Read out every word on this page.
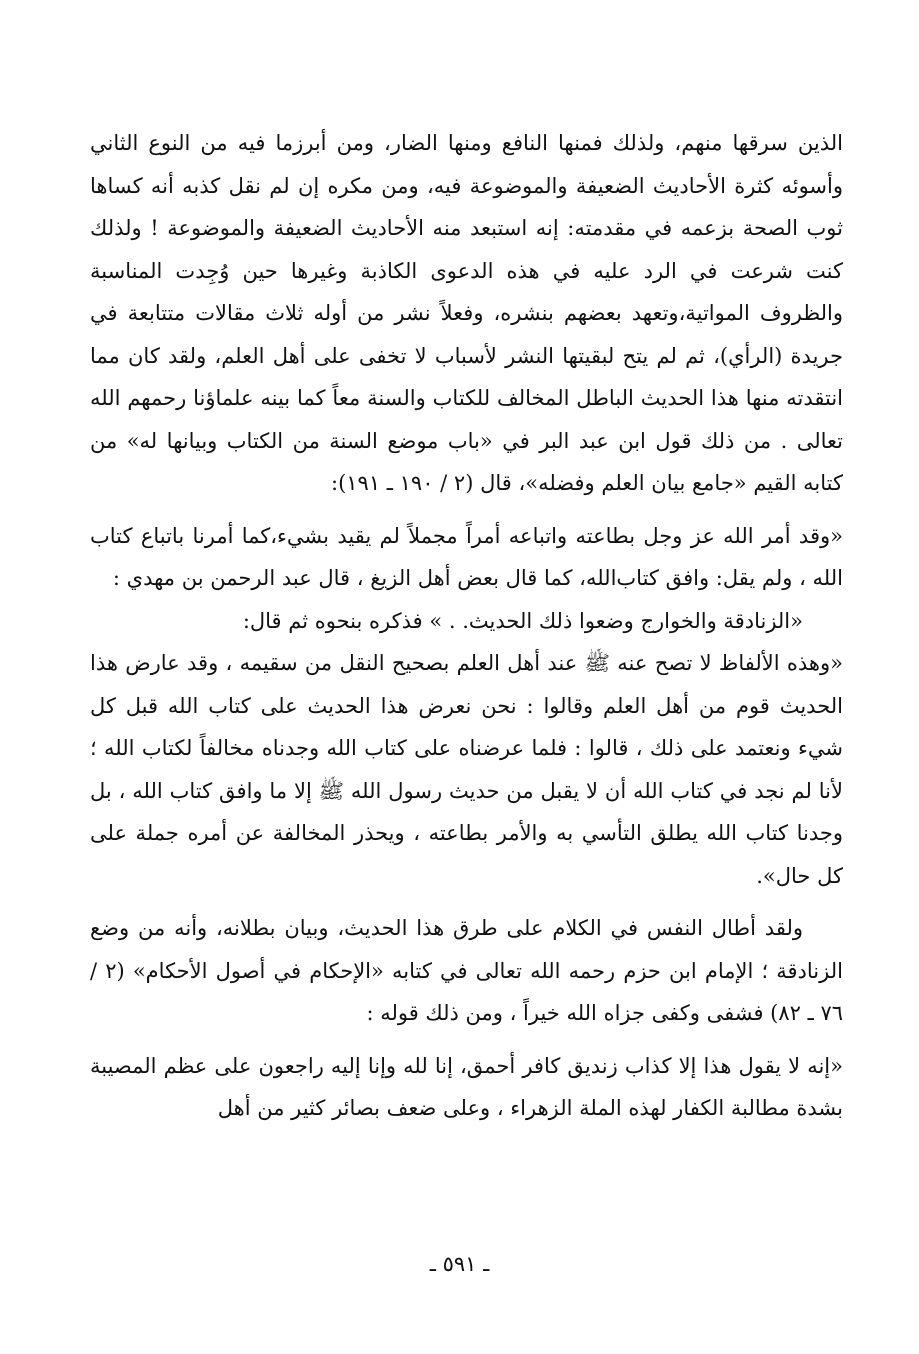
الذين سرقها منهم، ولذلك فمنها النافع ومنها الضار، ومن أبرزما فيه من النوع الثاني وأسوئه كثرة الأحاديث الضعيفة والموضوعة فيه، ومن مكره إن لم نقل كذبه أنه كساها ثوب الصحة بزعمه في مقدمته: إنه استبعد منه الأحاديث الضعيفة والموضوعة ! ولذلك كنت شرعت في الرد عليه في هذه الدعوى الكاذبة وغيرها حين وُجِدت المناسبة والظروف المواتية،وتعهد بعضهم بنشره، وفعلاً نشر من أوله ثلاث مقالات متتابعة في جريدة (الرأي)، ثم لم يتح لبقيتها النشر لأسباب لا تخفى على أهل العلم، ولقد كان مما انتقدته منها هذا الحديث الباطل المخالف للكتاب والسنة معاً كما بينه علماؤنا رحمهم الله تعالى . من ذلك قول ابن عبد البر في «باب موضع السنة من الكتاب وبيانها له» من كتابه القيم «جامع بيان العلم وفضله»، قال (٢ / ١٩٠ ـ ١٩١):

«وقد أمر الله عز وجل بطاعته واتباعه أمراً مجملاً لم يقيد بشيء،كما أمرنا باتباع كتاب الله ، ولم يقل: وافق كتاب‌الله، كما قال بعض أهل الزيغ ، قال عبد الرحمن بن مهدي :

«الزنادقة والخوارج وضعوا ذلك الحديث. . » فذكره بنحوه ثم قال:

«وهذه الألفاظ لا تصح عنه ﷺ عند أهل العلم بصحيح النقل من سقيمه ، وقد عارض هذا الحديث قوم من أهل العلم وقالوا : نحن نعرض هذا الحديث على كتاب الله قبل كل شيء ونعتمد على ذلك ، قالوا : فلما عرضناه على كتاب الله وجدناه مخالفاً لكتاب الله ؛ لأنا لم نجد في كتاب الله أن لا يقبل من حديث رسول الله ﷺ إلا ما وافق كتاب الله ، بل وجدنا كتاب الله يطلق التأسي به والأمر بطاعته ، ويحذر المخالفة عن أمره جملة على كل حال».

ولقد أطال النفس في الكلام على طرق هذا الحديث، وبيان بطلانه، وأنه من وضع الزنادقة ؛ الإمام ابن حزم رحمه الله تعالى في كتابه «الإحكام في أصول الأحكام» (٢ / ٧٦ ـ ٨٢) فشفى وكفى جزاه الله خيراً ، ومن ذلك قوله :

«إنه لا يقول هذا إلا كذاب زنديق كافر أحمق، إنا لله وإنا إليه راجعون على عظم المصيبة بشدة مطالبة الكفار لهذه الملة الزهراء ، وعلى ضعف بصائر كثير من أهل

ـ ٥٩١ ـ
